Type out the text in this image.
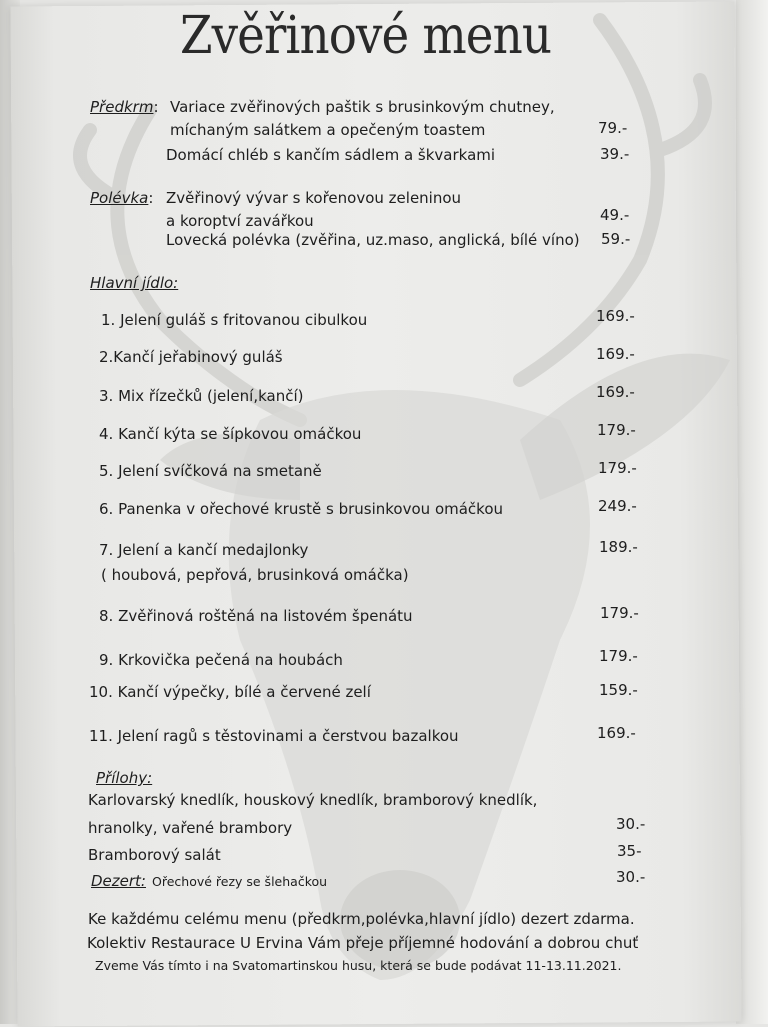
Zvěřinové menu
Předkrm: Variace zvěřinových paštik s brusinkovým chutney,
míchaným salátkem a opečeným toastem	79.-
Domácí chléb s kančím sádlem a škvarkami	39.-
Polévka: Zvěřinový vývar s kořenovou zeleninou
a koroptví zavářkou	49.-
Lovecká polévka (zvěřina, uz.maso, anglická, bílé víno) 59.-
Hlavní jídlo:
1. Jelení guláš s fritovanou cibulkou	169.-
2.Kančí jeřabinový guláš	169.-
3. Mix řízečků (jelení,kančí)	169.-
4. Kančí kýta se šípkovou omáčkou	179.-
5. Jelení svíčková na smetaně	179.-
6. Panenka v ořechové krustě s brusinkovou omáčkou	249.-
7. Jelení a kančí medajlonky
( houbová, pepřová, brusinková omáčka)
189.-
8. Zvěřinová roštěná na listovém špenátu	179.-
9. Krkovička pečená na houbách	179.-
10. Kančí výpečky, bílé a červené zelí	159.-
11. Jelení ragů s těstovinami a čerstvou bazalkou	169.-
Přílohy:
Karlovarský knedlík, houskový knedlík, bramborový knedlík,
hranolky, vařené brambory	30.-
Bramborový salát	35-
Dezert: Ořechové řezy se šlehačkou	30.-
Ke každému celému menu (předkrm,polévka,hlavní jídlo) dezert zdarma.
Kolektiv Restaurace U Ervina Vám přeje příjemné hodování a dobrou chuť
Zveme Vás tímto i na Svatomartinskou husu, která se bude podávat 11-13.11.2021.
